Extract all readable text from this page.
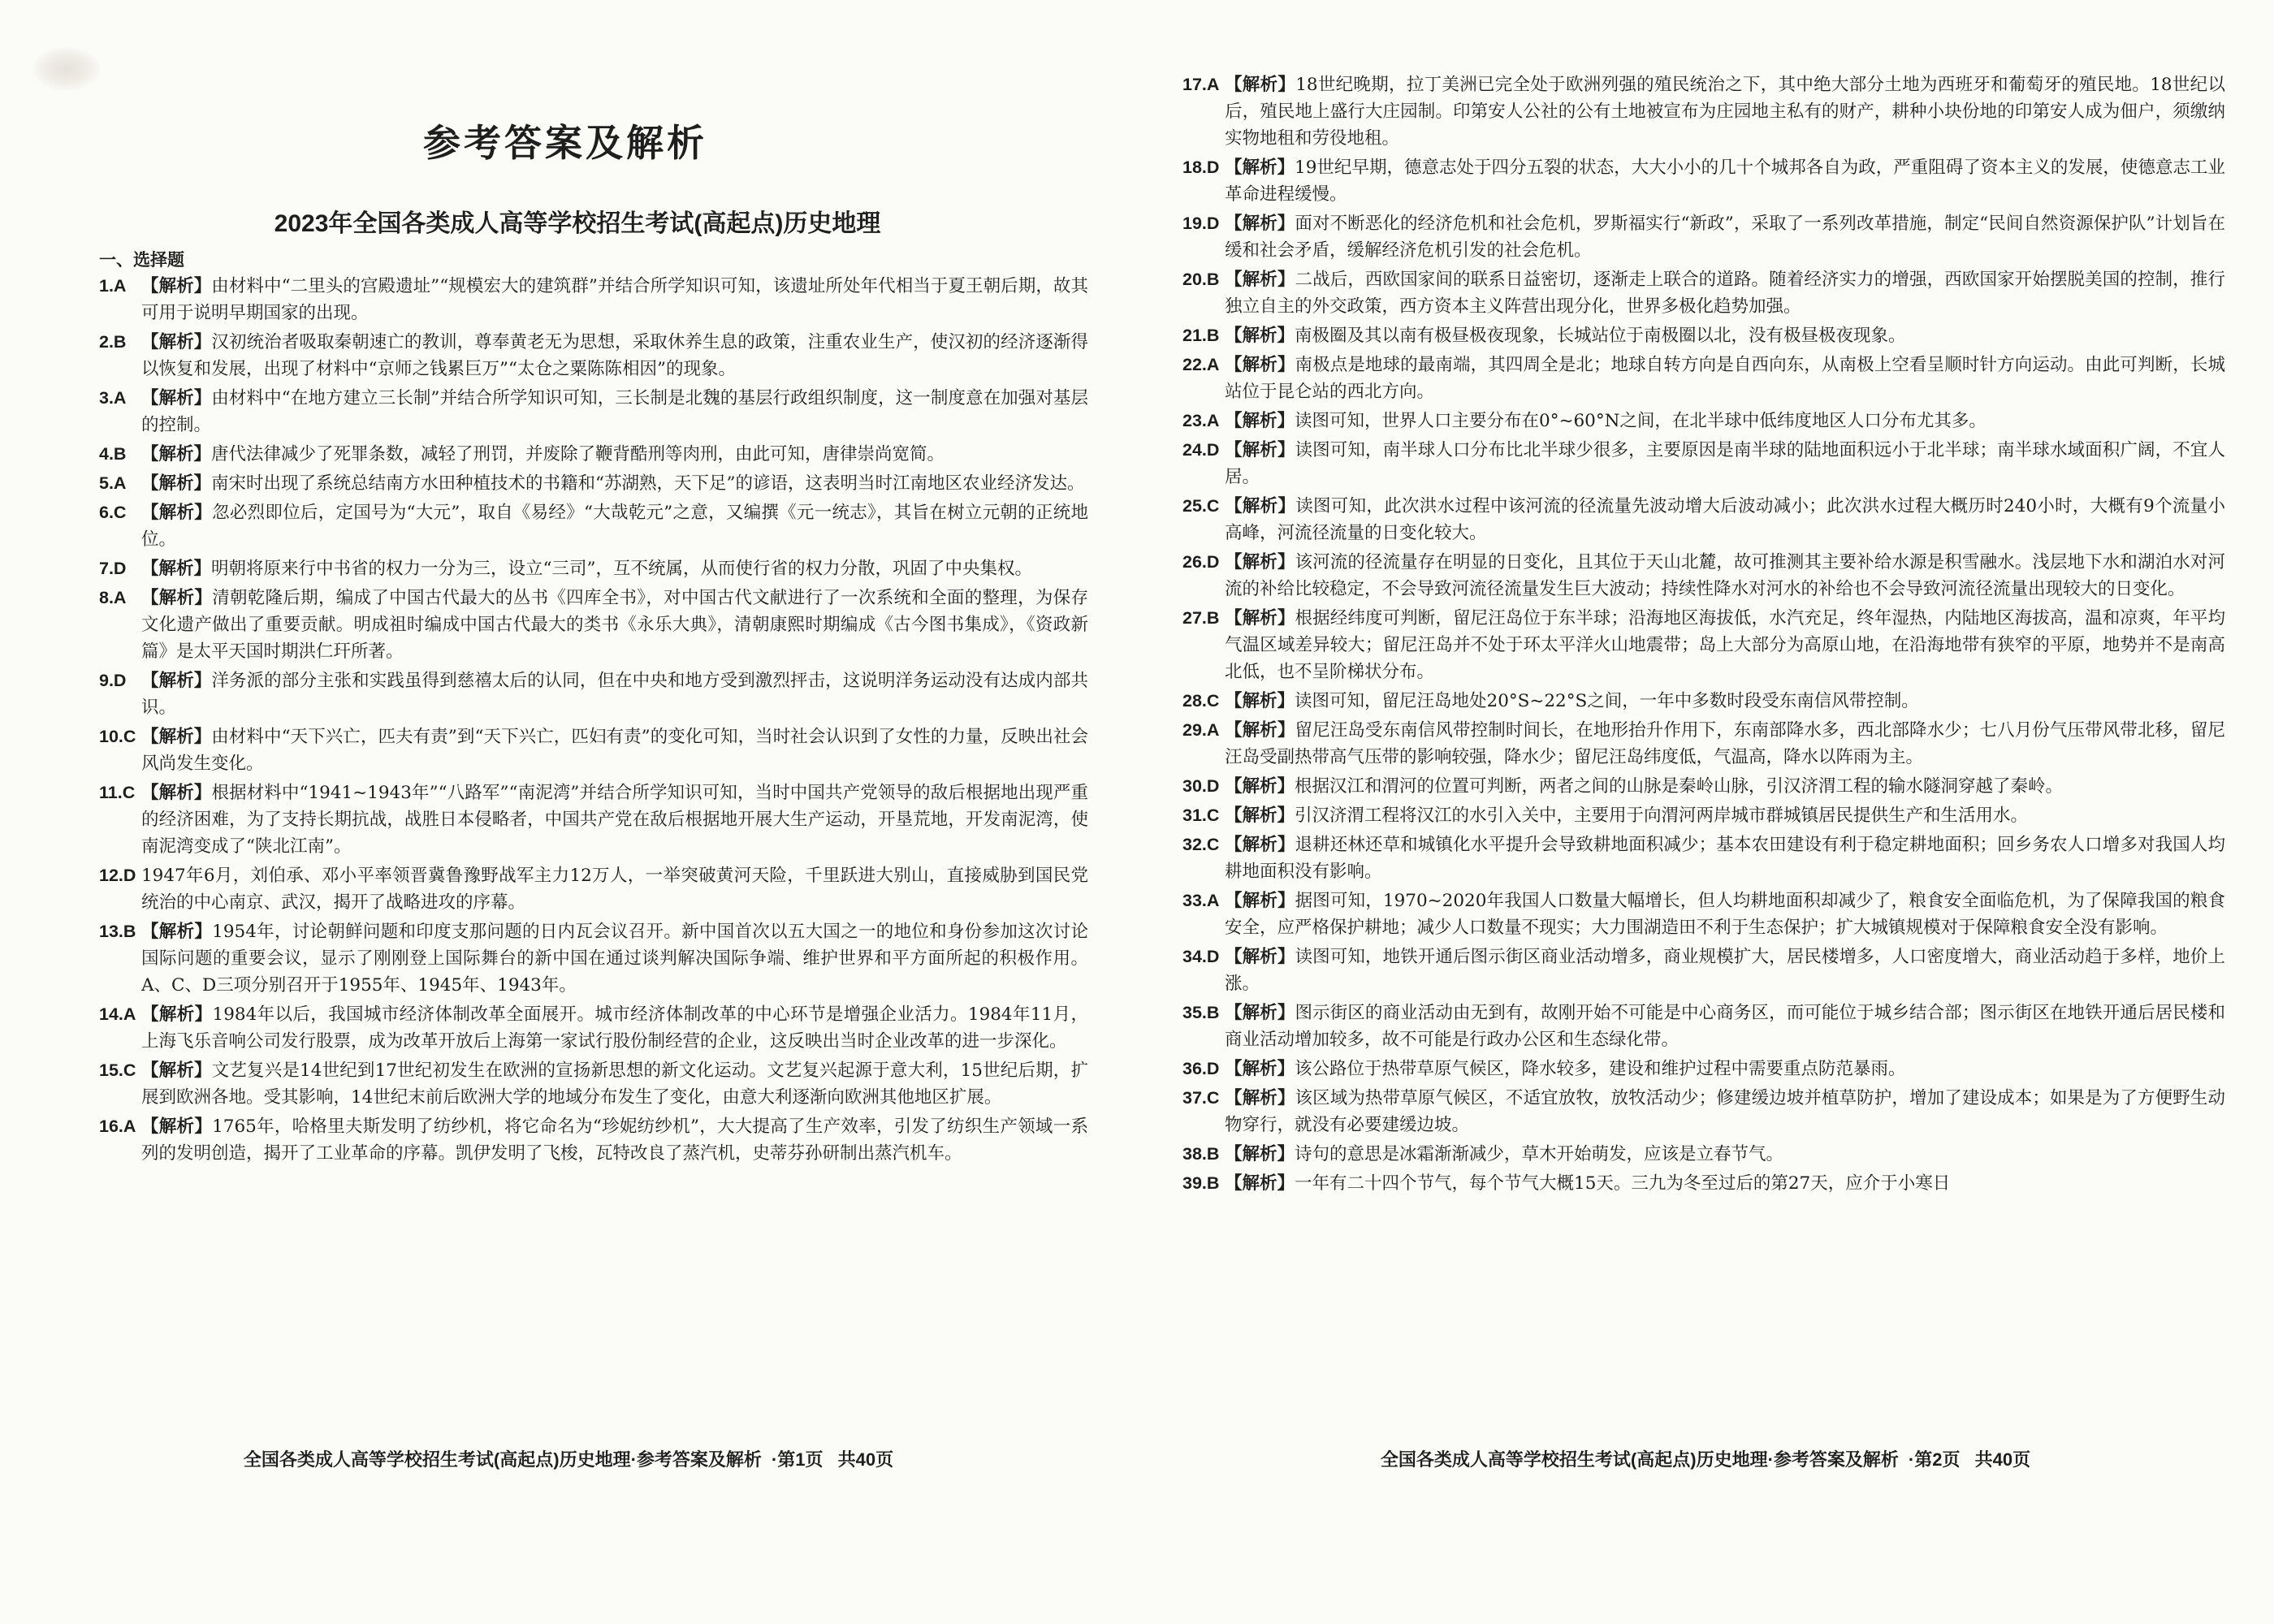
参考答案及解析
2023年全国各类成人高等学校招生考试(高起点)历史地理
一、选择题
1.A 【解析】由材料中“二里头的宫殿遗址”“规模宏大的建筑群”并结合所学知识可知，该遗址所处年代相当于夏王朝后期，故其可用于说明早期国家的出现。
2.B 【解析】汉初统治者吸取秦朝速亡的教训，尊奉黄老无为思想，采取休养生息的政策，注重农业生产，使汉初的经济逐渐得以恢复和发展，出现了材料中“京师之钱累巨万”“太仓之粟陈陈相因”的现象。
3.A 【解析】由材料中“在地方建立三长制”并结合所学知识可知，三长制是北魏的基层行政组织制度，这一制度意在加强对基层的控制。
4.B 【解析】唐代法律减少了死罪条数，减轻了刑罚，并废除了鞭背酷刑等肉刑，由此可知，唐律崇尚宽简。
5.A 【解析】南宋时出现了系统总结南方水田种植技术的书籍和“苏湖熟，天下足”的谚语，这表明当时江南地区农业经济发达。
6.C 【解析】忽必烈即位后，定国号为“大元”，取自《易经》“大哉乾元”之意，又编撰《元一统志》，其旨在树立元朝的正统地位。
7.D 【解析】明朝将原来行中书省的权力一分为三，设立“三司”，互不统属，从而使行省的权力分散，巩固了中央集权。
8.A 【解析】清朝乾隆后期，编成了中国古代最大的丛书《四库全书》，对中国古代文献进行了一次系统和全面的整理，为保存文化遗产做出了重要贡献。明成祖时编成中国古代最大的类书《永乐大典》，清朝康熙时期编成《古今图书集成》，《资政新篇》是太平天国时期洪仁玕所著。
9.D 【解析】洋务派的部分主张和实践虽得到慈禧太后的认同，但在中央和地方受到激烈抨击，这说明洋务运动没有达成内部共识。
10.C 【解析】由材料中“天下兴亡，匹夫有责”到“天下兴亡，匹妇有责”的变化可知，当时社会认识到了女性的力量，反映出社会风尚发生变化。
11.C 【解析】根据材料中“1941~1943年”“八路军”“南泥湾”并结合所学知识可知，当时中国共产党领导的敌后根据地出现严重的经济困难，为了支持长期抗战，战胜日本侵略者，中国共产党在敌后根据地开展大生产运动，开垦荒地，开发南泥湾，使南泥湾变成了“陕北江南”。
12.D 1947年6月，刘伯承、邓小平率领晋冀鲁豫野战军主力12万人，一举突破黄河天险，千里跃进大别山，直接威胁到国民党统治的中心南京、武汉，揭开了战略进攻的序幕。
13.B 【解析】1954年，讨论朝鲜问题和印度支那问题的日内瓦会议召开。新中国首次以五大国之一的地位和身份参加这次讨论国际问题的重要会议，显示了刚刚登上国际舞台的新中国在通过谈判解决国际争端、维护世界和平方面所起的积极作用。A、C、D三项分别召开于1955年、1945年、1943年。
14.A 【解析】1984年以后，我国城市经济体制改革全面展开。城市经济体制改革的中心环节是增强企业活力。1984年11月，上海飞乐音响公司发行股票，成为改革开放后上海第一家试行股份制经营的企业，这反映出当时企业改革的进一步深化。
15.C 【解析】文艺复兴是14世纪到17世纪初发生在欧洲的宣扬新思想的新文化运动。文艺复兴起源于意大利，15世纪后期，扩展到欧洲各地。受其影响，14世纪末前后欧洲大学的地域分布发生了变化，由意大利逐渐向欧洲其他地区扩展。
16.A 【解析】1765年，哈格里夫斯发明了纺纱机，将它命名为“珍妮纺纱机”，大大提高了生产效率，引发了纺织生产领域一系列的发明创造，揭开了工业革命的序幕。凯伊发明了飞梭，瓦特改良了蒸汽机，史蒂芬孙研制出蒸汽机车。
全国各类成人高等学校招生考试(高起点)历史地理·参考答案及解析 ·第1页 共40页
17.A 【解析】18世纪晚期，拉丁美洲已完全处于欧洲列强的殖民统治之下，其中绝大部分土地为西班牙和葡萄牙的殖民地。18世纪以后，殖民地上盛行大庄园制。印第安人公社的公有土地被宣布为庄园地主私有的财产，耕种小块份地的印第安人成为佃户，须缴纳实物地租和劳役地租。
18.D 【解析】19世纪早期，德意志处于四分五裂的状态，大大小小的几十个城邦各自为政，严重阻碍了资本主义的发展，使德意志工业革命进程缓慢。
19.D 【解析】面对不断恶化的经济危机和社会危机，罗斯福实行“新政”，采取了一系列改革措施，制定“民间自然资源保护队”计划旨在缓和社会矛盾，缓解经济危机引发的社会危机。
20.B 【解析】二战后，西欧国家间的联系日益密切，逐渐走上联合的道路。随着经济实力的增强，西欧国家开始摆脱美国的控制，推行独立自主的外交政策，西方资本主义阵营出现分化，世界多极化趋势加强。
21.B 【解析】南极圈及其以南有极昼极夜现象，长城站位于南极圈以北，没有极昼极夜现象。
22.A 【解析】南极点是地球的最南端，其四周全是北；地球自转方向是自西向东，从南极上空看呈顺时针方向运动。由此可判断，长城站位于昆仑站的西北方向。
23.A 【解析】读图可知，世界人口主要分布在0°~60°N之间，在北半球中低纬度地区人口分布尤其多。
24.D 【解析】读图可知，南半球人口分布比北半球少很多，主要原因是南半球的陆地面积远小于北半球；南半球水域面积广阔，不宜人居。
25.C 【解析】读图可知，此次洪水过程中该河流的径流量先波动增大后波动减小；此次洪水过程大概历时240小时，大概有9个流量小高峰，河流径流量的日变化较大。
26.D 【解析】该河流的径流量存在明显的日变化，且其位于天山北麓，故可推测其主要补给水源是积雪融水。浅层地下水和湖泊水对河流的补给比较稳定，不会导致河流径流量发生巨大波动；持续性降水对河水的补给也不会导致河流径流量出现较大的日变化。
27.B 【解析】根据经纬度可判断，留尼汪岛位于东半球；沿海地区海拔低，水汽充足，终年湿热，内陆地区海拔高，温和凉爽，年平均气温区域差异较大；留尼汪岛并不处于环太平洋火山地震带；岛上大部分为高原山地，在沿海地带有狭窄的平原，地势并不是南高北低，也不呈阶梯状分布。
28.C 【解析】读图可知，留尼汪岛地处20°S~22°S之间，一年中多数时段受东南信风带控制。
29.A 【解析】留尼汪岛受东南信风带控制时间长，在地形抬升作用下，东南部降水多，西北部降水少；七八月份气压带风带北移，留尼汪岛受副热带高气压带的影响较强，降水少；留尼汪岛纬度低，气温高，降水以阵雨为主。
30.D 【解析】根据汉江和渭河的位置可判断，两者之间的山脉是秦岭山脉，引汉济渭工程的输水隧洞穿越了秦岭。
31.C 【解析】引汉济渭工程将汉江的水引入关中，主要用于向渭河两岸城市群城镇居民提供生产和生活用水。
32.C 【解析】退耕还林还草和城镇化水平提升会导致耕地面积减少；基本农田建设有利于稳定耕地面积；回乡务农人口增多对我国人均耕地面积没有影响。
33.A 【解析】据图可知，1970~2020年我国人口数量大幅增长，但人均耕地面积却减少了，粮食安全面临危机，为了保障我国的粮食安全，应严格保护耕地；减少人口数量不现实；大力围湖造田不利于生态保护；扩大城镇规模对于保障粮食安全没有影响。
34.D 【解析】读图可知，地铁开通后图示街区商业活动增多，商业规模扩大，居民楼增多，人口密度增大，商业活动趋于多样，地价上涨。
35.B 【解析】图示街区的商业活动由无到有，故刚开始不可能是中心商务区，而可能位于城乡结合部；图示街区在地铁开通后居民楼和商业活动增加较多，故不可能是行政办公区和生态绿化带。
36.D 【解析】该公路位于热带草原气候区，降水较多，建设和维护过程中需要重点防范暴雨。
37.C 【解析】该区域为热带草原气候区，不适宜放牧，放牧活动少；修建缓边坡并植草防护，增加了建设成本；如果是为了方便野生动物穿行，就没有必要建缓边坡。
38.B 【解析】诗句的意思是冰霜渐渐减少，草木开始萌发，应该是立春节气。
39.B 【解析】一年有二十四个节气，每个节气大概15天。三九为冬至过后的第27天，应介于小寒日
全国各类成人高等学校招生考试(高起点)历史地理·参考答案及解析 ·第2页 共40页
